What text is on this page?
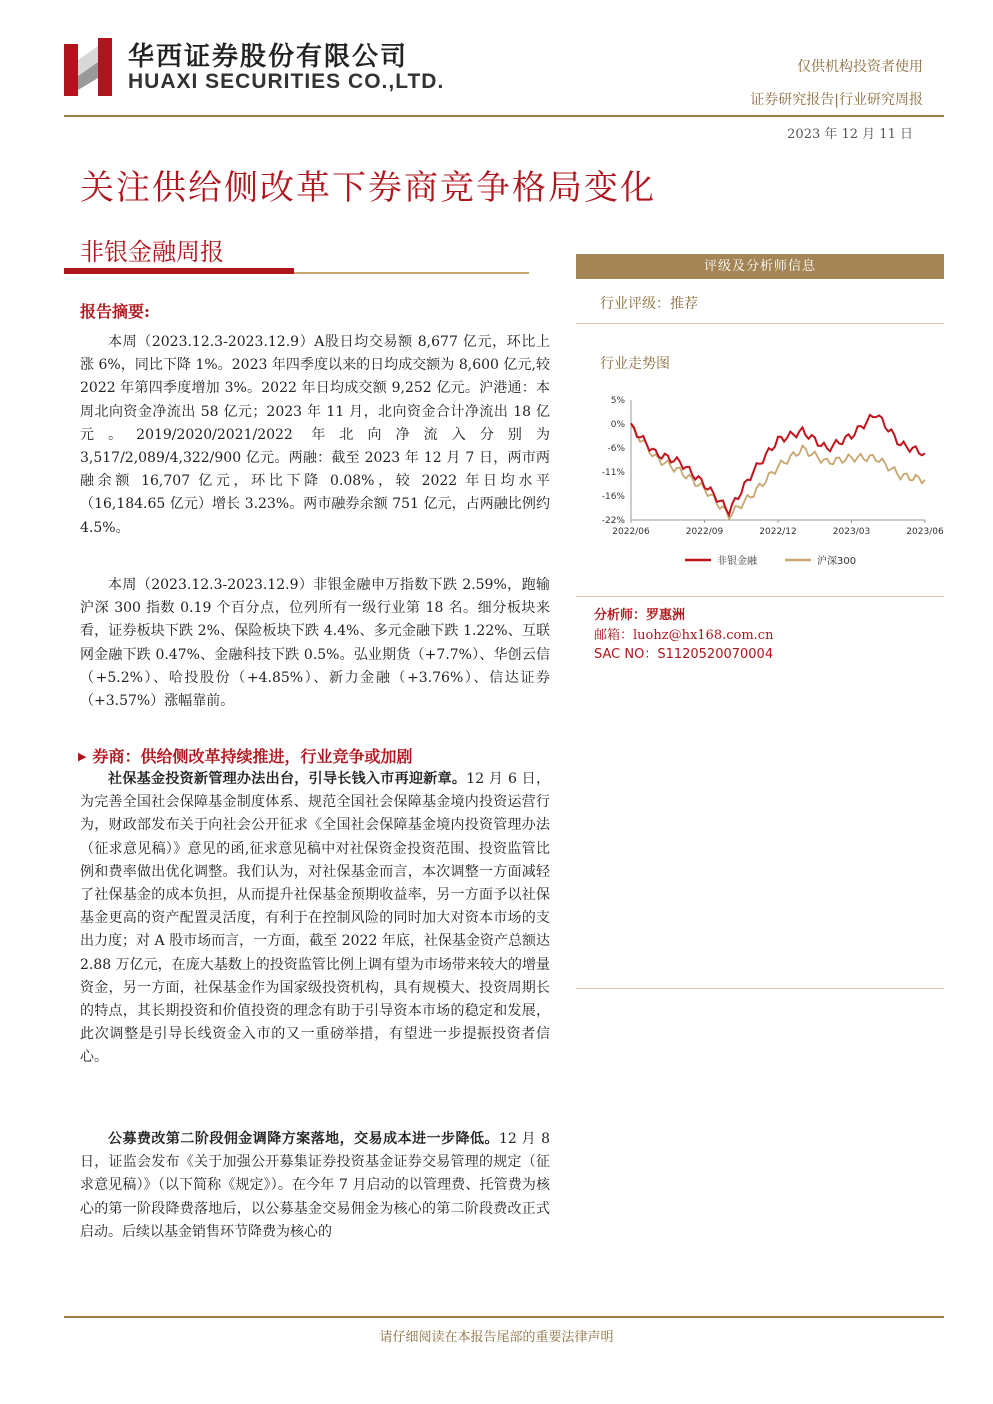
华西证券股份有限公司
HUAXI SECURITIES CO.,LTD.
仅供机构投资者使用
证券研究报告|行业研究周报
2023 年 12 月 11 日
关注供给侧改革下券商竞争格局变化
非银金融周报
报告摘要:

本周（2023.12.3-2023.12.9）A股日均交易额 8,677 亿元，环比上涨 6%，同比下降 1%。2023 年四季度以来的日均成交额为 8,600 亿元,较 2022 年第四季度增加 3%。2022 年日均成交额 9,252 亿元。沪港通：本周北向资金净流出 58 亿元；2023 年 11 月，北向资金合计净流出 18 亿元。2019/2020/2021/2022 年北向净流入分别为 3,517/2,089/4,322/900 亿元。两融：截至 2023 年 12 月 7 日，两市两融余额 16,707 亿元，环比下降 0.08%，较 2022 年日均水平（16,184.65 亿元）增长 3.23%。两市融券余额 751 亿元，占两融比例约 4.5%。

本周（2023.12.3-2023.12.9）非银金融申万指数下跌 2.59%，跑输沪深 300 指数 0.19 个百分点，位列所有一级行业第 18 名。细分板块来看，证券板块下跌 2%、保险板块下跌 4.4%、多元金融下跌 1.22%、互联网金融下跌 0.47%、金融科技下跌 0.5%。弘业期货（+7.7%）、华创云信（+5.2%）、哈投股份（+4.85%）、新力金融（+3.76%）、信达证券（+3.57%）涨幅靠前。

▶ 券商：供给侧改革持续推进，行业竞争或加剧

社保基金投资新管理办法出台，引导长钱入市再迎新章。12 月 6 日，为完善全国社会保障基金制度体系、规范全国社会保障基金境内投资运营行为，财政部发布关于向社会公开征求《全国社会保障基金境内投资管理办法（征求意见稿）》意见的函,征求意见稿中对社保资金投资范围、投资监管比例和费率做出优化调整。我们认为，对社保基金而言，本次调整一方面减轻了社保基金的成本负担，从而提升社保基金预期收益率，另一方面予以社保基金更高的资产配置灵活度，有利于在控制风险的同时加大对资本市场的支出力度；对 A 股市场而言，一方面，截至 2022 年底，社保基金资产总额达 2.88 万亿元，在庞大基数上的投资监管比例上调有望为市场带来较大的增量资金，另一方面，社保基金作为国家级投资机构，具有规模大、投资周期长的特点，其长期投资和价值投资的理念有助于引导资本市场的稳定和发展，此次调整是引导长线资金入市的又一重磅举措，有望进一步提振投资者信心。

公募费改第二阶段佣金调降方案落地，交易成本进一步降低。12 月 8 日，证监会发布《关于加强公开募集证券投资基金证券交易管理的规定（征求意见稿）》（以下简称《规定》）。在今年 7 月启动的以管理费、托管费为核心的第一阶段降费落地后，以公募基金交易佣金为核心的第二阶段费改正式启动。后续以基金销售环节降费为核心的

评级及分析师信息
行业评级：推荐
行业走势图
5%
0%
-6%
-11%
-16%
-22%
2022/06	2022/09	2022/12	2023/03	2023/06
非银金融	沪深300
分析师：罗惠洲
邮箱：luohz@hx168.com.cn
SAC NO：S1120520070004
请仔细阅读在本报告尾部的重要法律声明
